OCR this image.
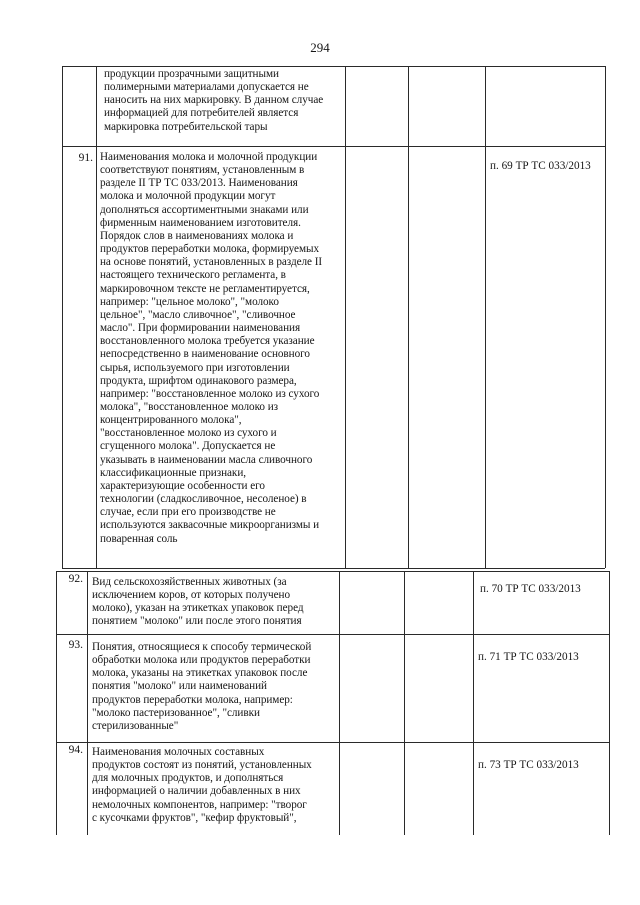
294
продукции прозрачными защитными
полимерными материалами допускается не
наносить на них маркировку. В данном случае
информацией для потребителей является
маркировка потребительской тары
91. Наименования молока и молочной продукции
соответствуют понятиям, установленным в
разделе II ТР ТС 033/2013. Наименования
молока и молочной продукции могут
дополняться ассортиментными знаками или
фирменным наименованием изготовителя.
Порядок слов в наименованиях молока и
продуктов переработки молока, формируемых
на основе понятий, установленных в разделе II
настоящего технического регламента, в
маркировочном тексте не регламентируется,
например: "цельное молоко", "молоко
цельное", "масло сливочное", "сливочное
масло". При формировании наименования
восстановленного молока требуется указание
непосредственно в наименование основного
сырья, используемого при изготовлении
продукта, шрифтом одинакового размера,
например: "восстановленное молоко из сухого
молока", "восстановленное молоко из
концентрированного молока",
"восстановленное молоко из сухого и
сгущенного молока". Допускается не
указывать в наименовании масла сливочного
классификационные признаки,
характеризующие особенности его
технологии (сладкосливочное, несоленое) в
случае, если при его производстве не
используются заквасочные микроорганизмы и
поваренная соль
п. 69 ТР ТС 033/2013
92. Вид сельскохозяйственных животных (за
исключением коров, от которых получено
молоко), указан на этикетках упаковок перед
понятием "молоко" или после этого понятия
п. 70 ТР ТС 033/2013
93. Понятия, относящиеся к способу термической
обработки молока или продуктов переработки
молока, указаны на этикетках упаковок после
понятия "молоко" или наименований
продуктов переработки молока, например:
"молоко пастеризованное", "сливки
стерилизованные"
п. 71 ТР ТС 033/2013
94. Наименования молочных составных
продуктов состоят из понятий, установленных
для молочных продуктов, и дополняться
информацией о наличии добавленных в них
немолочных компонентов, например: "творог
с кусочками фруктов", "кефир фруктовый",
п. 73 ТР ТС 033/2013
